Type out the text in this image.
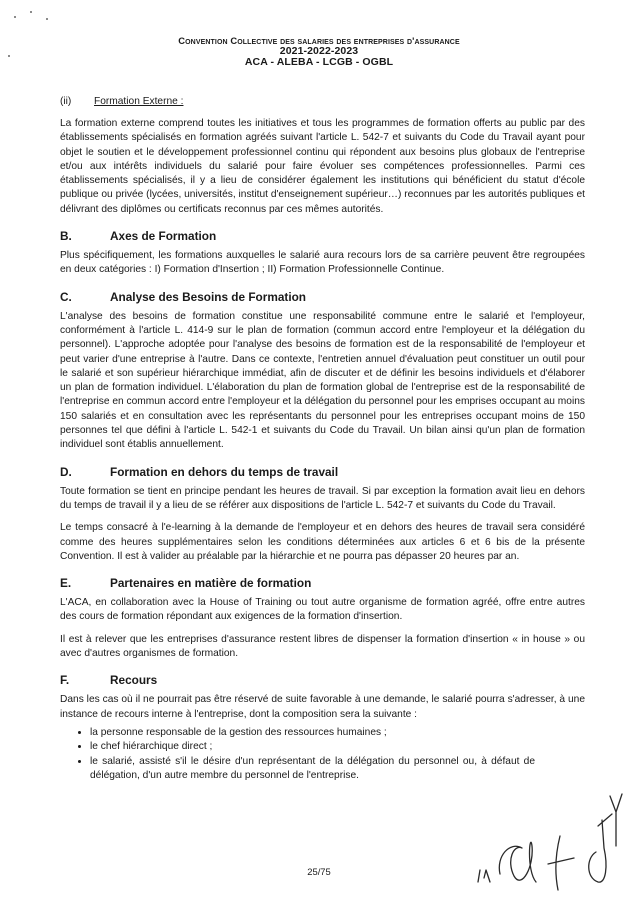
Convention Collective des salaries des entreprises d'assurance
2021-2022-2023
ACA - ALEBA - LCGB - OGBL
(ii) Formation Externe :

La formation externe comprend toutes les initiatives et tous les programmes de formation offerts au public par des établissements spécialisés en formation agréés suivant l'article L. 542-7 et suivants du Code du Travail ayant pour objet le soutien et le développement professionnel continu qui répondent aux besoins plus globaux de l'entreprise et/ou aux intérêts individuels du salarié pour faire évoluer ses compétences professionnelles. Parmi ces établissements spécialisés, il y a lieu de considérer également les institutions qui bénéficient du statut d'école publique ou privée (lycées, universités, institut d'enseignement supérieur…) reconnues par les autorités publiques et délivrant des diplômes ou certificats reconnus par ces mêmes autorités.

B.	Axes de Formation

Plus spécifiquement, les formations auxquelles le salarié aura recours lors de sa carrière peuvent être regroupées en deux catégories : I) Formation d'Insertion ; II) Formation Professionnelle Continue.

C.	Analyse des Besoins de Formation

L'analyse des besoins de formation constitue une responsabilité commune entre le salarié et l'employeur, conformément à l'article L. 414-9 sur le plan de formation (commun accord entre l'employeur et la délégation du personnel). L'approche adoptée pour l'analyse des besoins de formation est de la responsabilité de l'employeur et peut varier d'une entreprise à l'autre. Dans ce contexte, l'entretien annuel d'évaluation peut constituer un outil pour le salarié et son supérieur hiérarchique immédiat, afin de discuter et de définir les besoins individuels et d'élaborer un plan de formation individuel. L'élaboration du plan de formation global de l'entreprise est de la responsabilité de l'entreprise en commun accord entre l'employeur et la délégation du personnel pour les emprises occupant au moins 150 salariés et en consultation avec les représentants du personnel pour les entreprises occupant moins de 150 personnes tel que défini à l'article L. 542-1 et suivants du Code du Travail. Un bilan ainsi qu'un plan de formation individuel sont établis annuellement.

D.	Formation en dehors du temps de travail

Toute formation se tient en principe pendant les heures de travail. Si par exception la formation avait lieu en dehors du temps de travail il y a lieu de se référer aux dispositions de l'article L. 542-7 et suivants du Code du Travail.

Le temps consacré à l'e-learning à la demande de l'employeur et en dehors des heures de travail sera considéré comme des heures supplémentaires selon les conditions déterminées aux articles 6 et 6 bis de la présente Convention. Il est à valider au préalable par la hiérarchie et ne pourra pas dépasser 20 heures par an.

E.	Partenaires en matière de formation

L'ACA, en collaboration avec la House of Training ou tout autre organisme de formation agréé, offre entre autres des cours de formation répondant aux exigences de la formation d'insertion.

Il est à relever que les entreprises d'assurance restent libres de dispenser la formation d'insertion « in house » ou avec d'autres organismes de formation.

F.	Recours

Dans les cas où il ne pourrait pas être réservé de suite favorable à une demande, le salarié pourra s'adresser, à une instance de recours interne à l'entreprise, dont la composition sera la suivante :

• la personne responsable de la gestion des ressources humaines ;
• le chef hiérarchique direct ;
• le salarié, assisté s'il le désire d'un représentant de la délégation du personnel ou, à défaut de délégation, d'un autre membre du personnel de l'entreprise.
25/75
